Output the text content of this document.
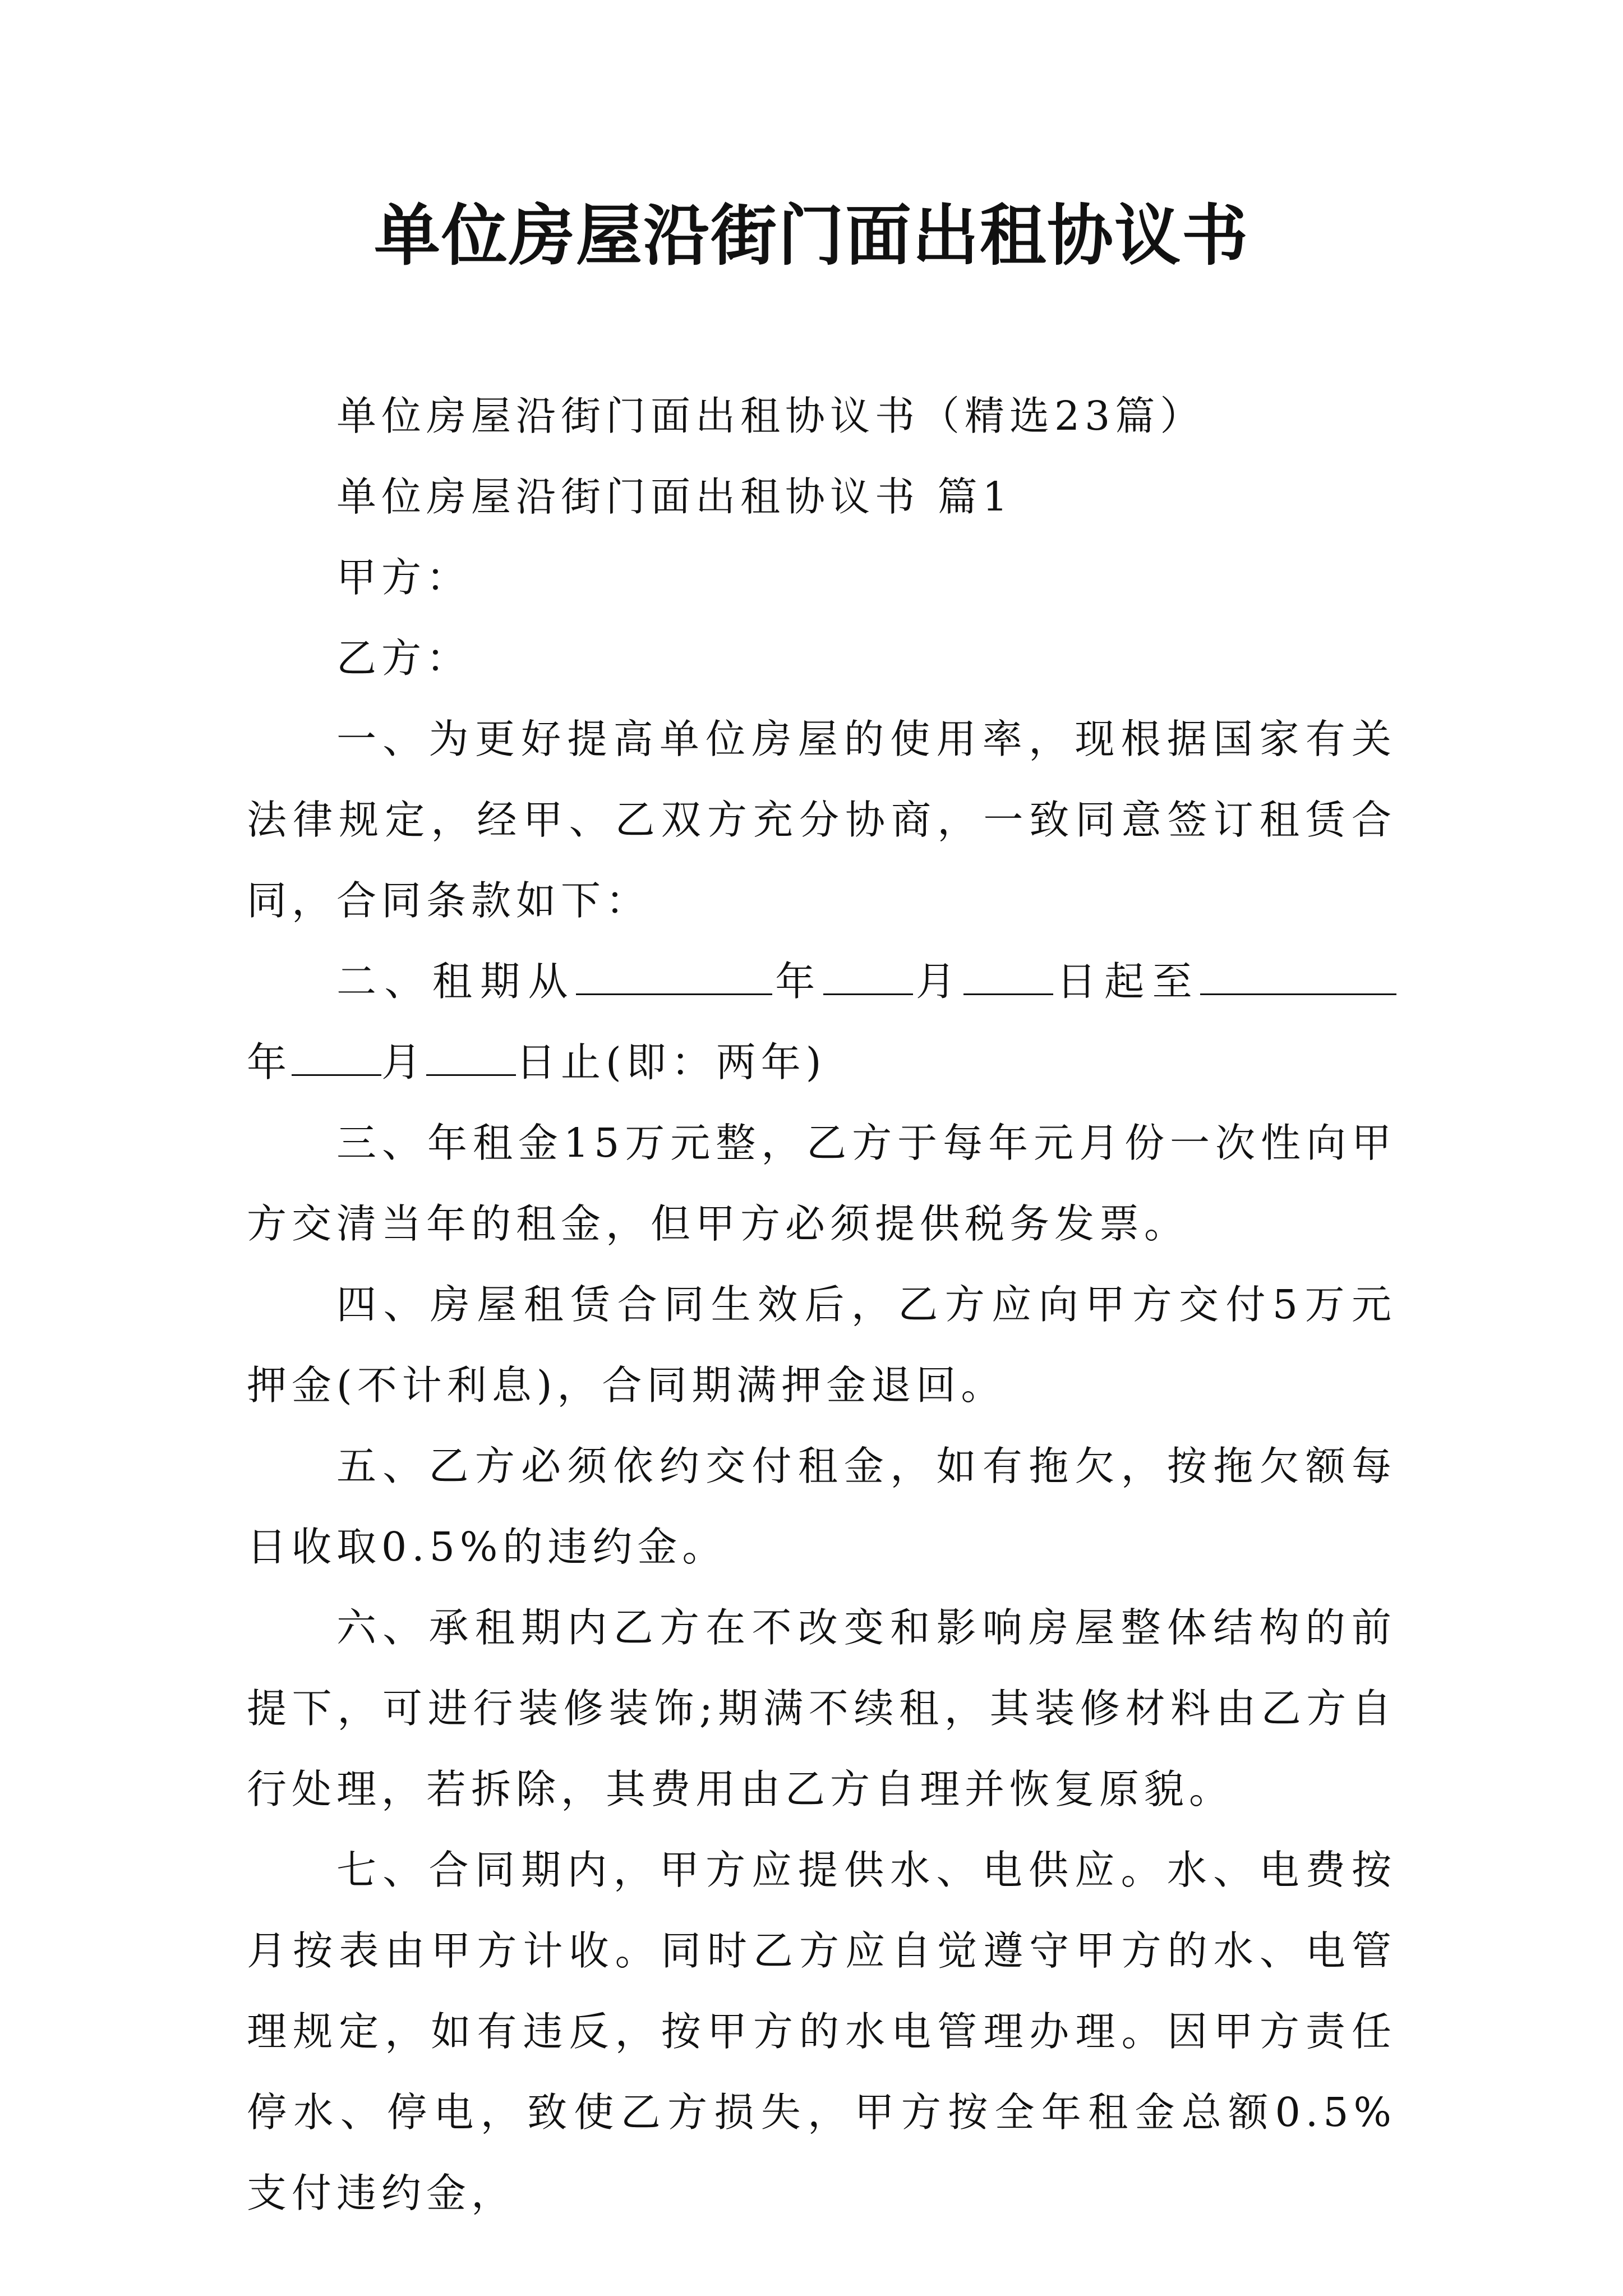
单位房屋沿街门面出租协议书

单位房屋沿街门面出租协议书（精选23篇）

单位房屋沿街门面出租协议书 篇1

甲方：

乙方：

一、为更好提高单位房屋的使用率，现根据国家有关法律规定，经甲、乙双方充分协商，一致同意签订租赁合同，合同条款如下：

二、租期从	年 月 日起至年 月 日止(即：两年)

三、年租金15万元整，乙方于每年元月份一次性向甲方交清当年的租金，但甲方必须提供税务发票。

四、房屋租赁合同生效后，乙方应向甲方交付5万元押金(不计利息)，合同期满押金退回。

五、乙方必须依约交付租金，如有拖欠，按拖欠额每日收取0.5%的违约金。

六、承租期内乙方在不改变和影响房屋整体结构的前提下，可进行装修装饰;期满不续租，其装修材料由乙方自行处理，若拆除，其费用由乙方自理并恢复原貌。

七、合同期内，甲方应提供水、电供应。水、电费按月按表由甲方计收。同时乙方应自觉遵守甲方的水、电管理规定，如有违反，按甲方的水电管理办理。因甲方责任停水、停电，致使乙方损失，甲方按全年租金总额0.5%支付违约金，
